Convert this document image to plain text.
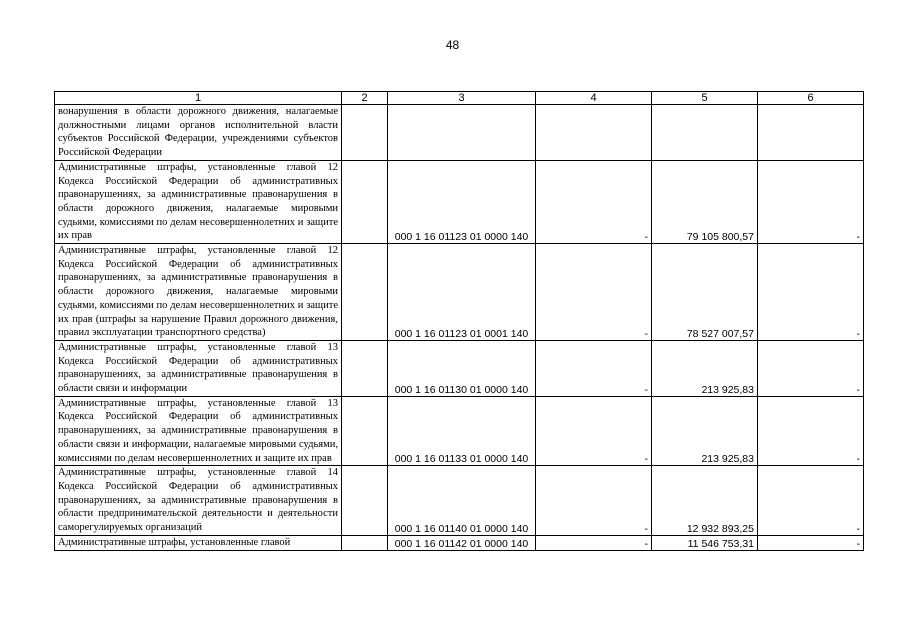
48
1	2	3	4	5	6
вонарушения в области дорожного движения, налагаемые должностными лицами органов исполнительной власти субъектов Российской Федерации, учреждениями субъектов Российской Федерации					
Административные штрафы, установленные главой 12 Кодекса Российской Федерации об административных правонарушениях, за административные правонарушения в области дорожного движения, налагаемые мировыми судьями, комиссиями по делам несовершеннолетних и защите их прав		000 1 16 01123 01 0000 140	-	79 105 800,57	-
Административные штрафы, установленные главой 12 Кодекса Российской Федерации об административных правонарушениях, за административные правонарушения в области дорожного движения, налагаемые мировыми судьями, комиссиями по делам несовершеннолетних и защите их прав (штрафы за нарушение Правил дорожного движения, правил эксплуатации транспортного средства)		000 1 16 01123 01 0001 140	-	78 527 007,57	-
Административные штрафы, установленные главой 13 Кодекса Российской Федерации об административных правонарушениях, за административные правонарушения в области связи и информации		000 1 16 01130 01 0000 140	-	213 925,83	-
Административные штрафы, установленные главой 13 Кодекса Российской Федерации об административных правонарушениях, за административные правонарушения в области связи и информации, налагаемые мировыми судьями, комиссиями по делам несовершеннолетних и защите их прав		000 1 16 01133 01 0000 140	-	213 925,83	-
Административные штрафы, установленные главой 14 Кодекса Российской Федерации об административных правонарушениях, за административные правонарушения в области предпринимательской деятельности и деятельности саморегулируемых организаций		000 1 16 01140 01 0000 140	-	12 932 893,25	-
Административные штрафы, установленные главой		000 1 16 01142 01 0000 140	-	11 546 753,31	-
